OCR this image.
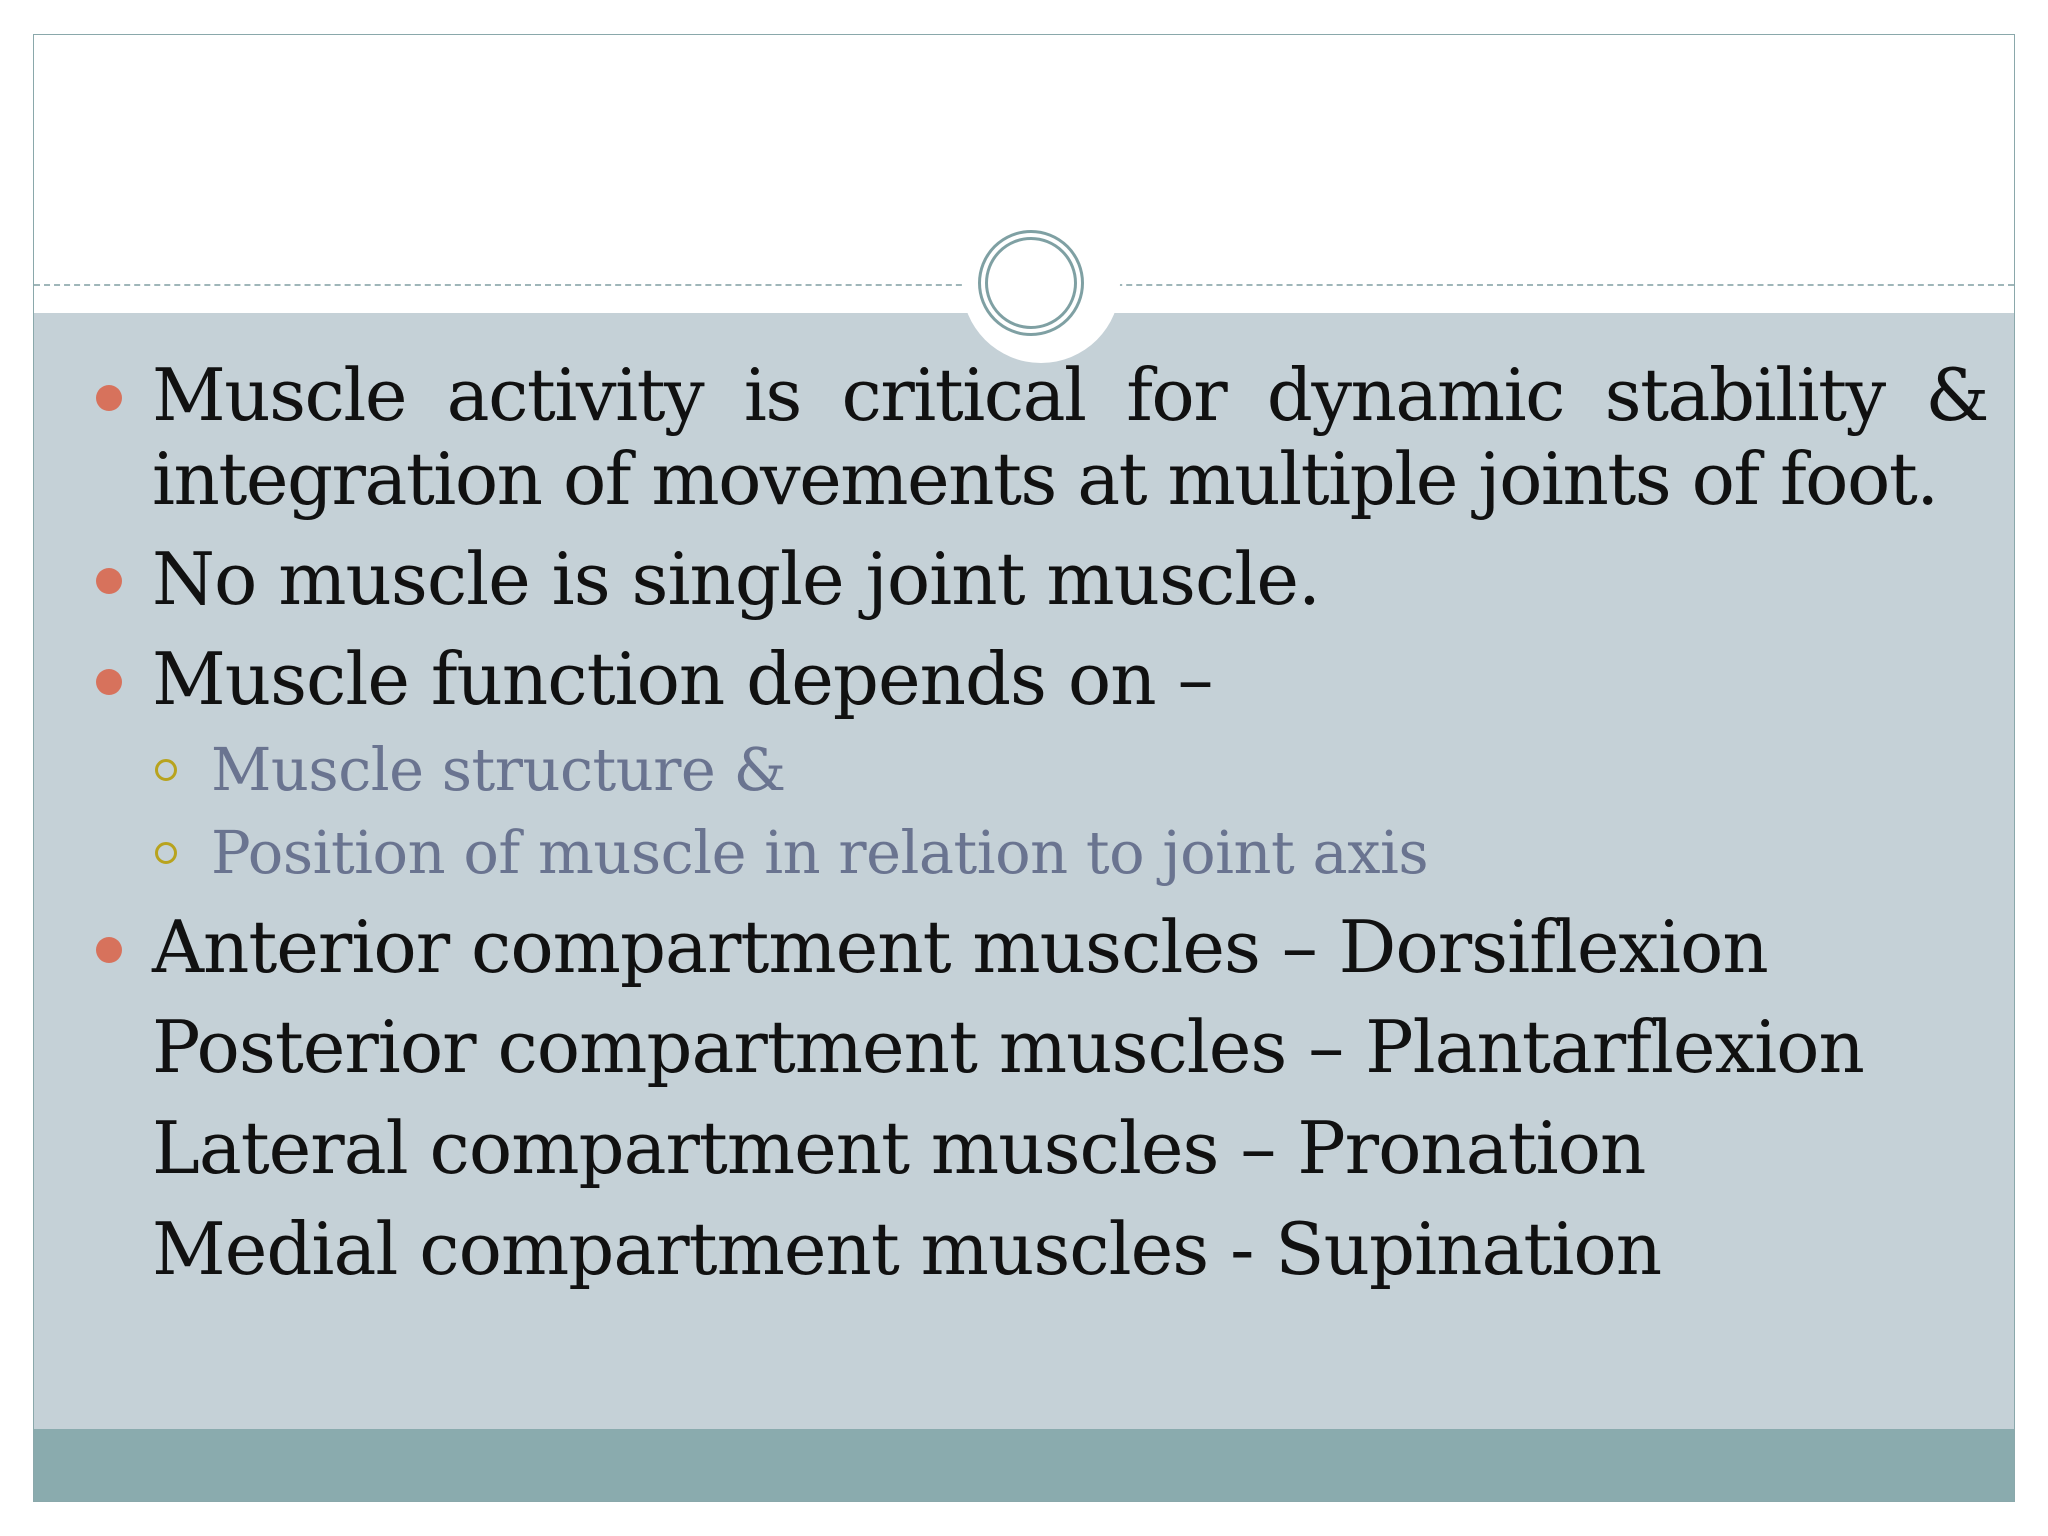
Muscle activity is critical for dynamic stability & integration of movements at multiple joints of foot.
No muscle is single joint muscle.
Muscle function depends on –
Muscle structure &
Position of muscle in relation to joint axis
Anterior compartment muscles – Dorsiflexion
Posterior compartment muscles – Plantarflexion
Lateral compartment muscles – Pronation
Medial compartment muscles - Supination
